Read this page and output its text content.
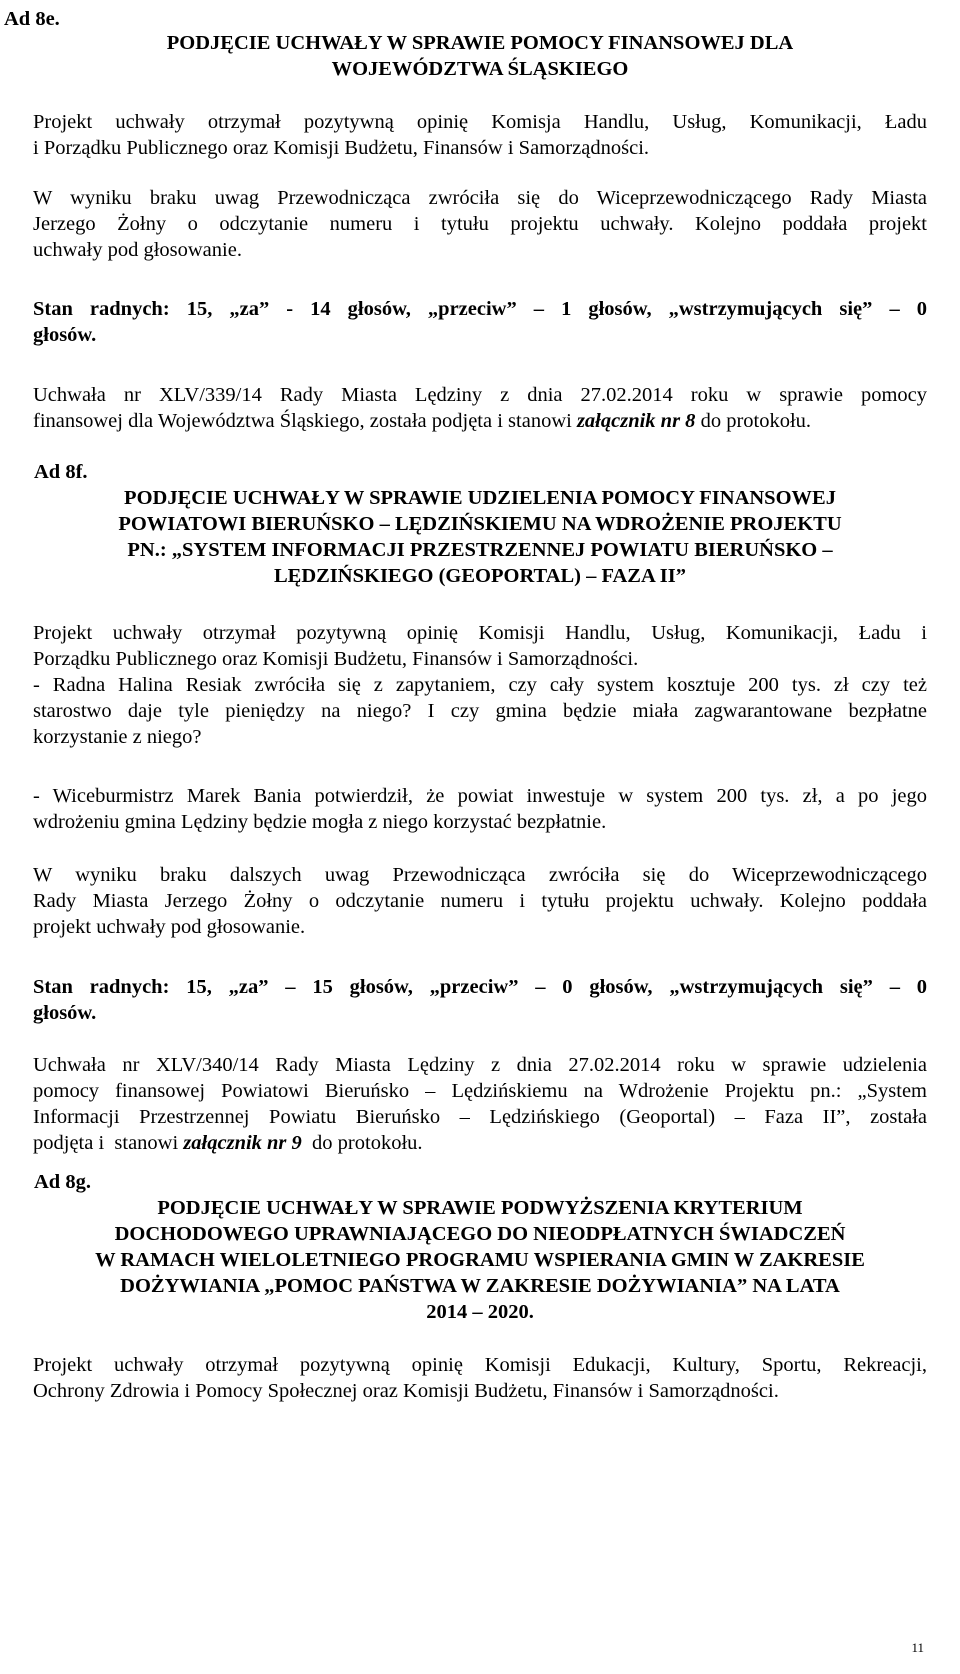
Ad 8e.
PODJĘCIE UCHWAŁY W SPRAWIE POMOCY FINANSOWEJ DLA
WOJEWÓDZTWA ŚLĄSKIEGO
Projekt uchwały otrzymał pozytywną opinię Komisja Handlu, Usług, Komunikacji, Ładu
i Porządku Publicznego oraz Komisji Budżetu, Finansów i Samorządności.
W wyniku braku uwag Przewodnicząca zwróciła się do Wiceprzewodniczącego Rady Miasta
Jerzego Żołny o odczytanie numeru i tytułu projektu uchwały. Kolejno poddała projekt
uchwały pod głosowanie.
Stan radnych: 15, „za” - 14 głosów, „przeciw” – 1 głosów, „wstrzymujących się” – 0
głosów.
Uchwała nr XLV/339/14 Rady Miasta Lędziny z dnia 27.02.2014 roku w sprawie pomocy
finansowej dla Województwa Śląskiego, została podjęta i stanowi załącznik nr 8 do protokołu.
Ad 8f.
PODJĘCIE UCHWAŁY W SPRAWIE UDZIELENIA POMOCY FINANSOWEJ
POWIATOWI BIERUŃSKO – LĘDZIŃSKIEMU NA WDROŻENIE PROJEKTU
PN.: „SYSTEM INFORMACJI PRZESTRZENNEJ POWIATU BIERUŃSKO –
LĘDZIŃSKIEGO (GEOPORTAL) – FAZA II”
Projekt uchwały otrzymał pozytywną opinię Komisji Handlu, Usług, Komunikacji, Ładu i
Porządku Publicznego oraz Komisji Budżetu, Finansów i Samorządności.
- Radna Halina Resiak zwróciła się z zapytaniem, czy cały system kosztuje 200 tys. zł czy też
starostwo daje tyle pieniędzy na niego? I czy gmina będzie miała zagwarantowane bezpłatne
korzystanie z niego?
- Wiceburmistrz Marek Bania potwierdził, że powiat inwestuje w system 200 tys. zł, a po jego
wdrożeniu gmina Lędziny będzie mogła z niego korzystać bezpłatnie.
W wyniku braku dalszych uwag Przewodnicząca zwróciła się do Wiceprzewodniczącego
Rady Miasta Jerzego Żołny o odczytanie numeru i tytułu projektu uchwały. Kolejno poddała
projekt uchwały pod głosowanie.
Stan radnych: 15, „za” – 15 głosów, „przeciw” – 0 głosów, „wstrzymujących się” – 0
głosów.
Uchwała nr XLV/340/14 Rady Miasta Lędziny z dnia 27.02.2014 roku w sprawie udzielenia
pomocy finansowej Powiatowi Bieruńsko – Lędzińskiemu na Wdrożenie Projektu pn.: „System
Informacji Przestrzennej Powiatu Bieruńsko – Lędzińskiego (Geoportal) – Faza II”, została
podjęta i  stanowi załącznik nr 9  do protokołu.
Ad 8g.
PODJĘCIE UCHWAŁY W SPRAWIE PODWYŻSZENIA KRYTERIUM
DOCHODOWEGO UPRAWNIAJĄCEGO DO NIEODPŁATNYCH ŚWIADCZEŃ
W RAMACH WIELOLETNIEGO PROGRAMU WSPIERANIA GMIN W ZAKRESIE
DOŻYWIANIA „POMOC PAŃSTWA W ZAKRESIE DOŻYWIANIA” NA LATA
2014 – 2020.
Projekt uchwały otrzymał pozytywną opinię Komisji Edukacji, Kultury, Sportu, Rekreacji,
Ochrony Zdrowia i Pomocy Społecznej oraz Komisji Budżetu, Finansów i Samorządności.
11
